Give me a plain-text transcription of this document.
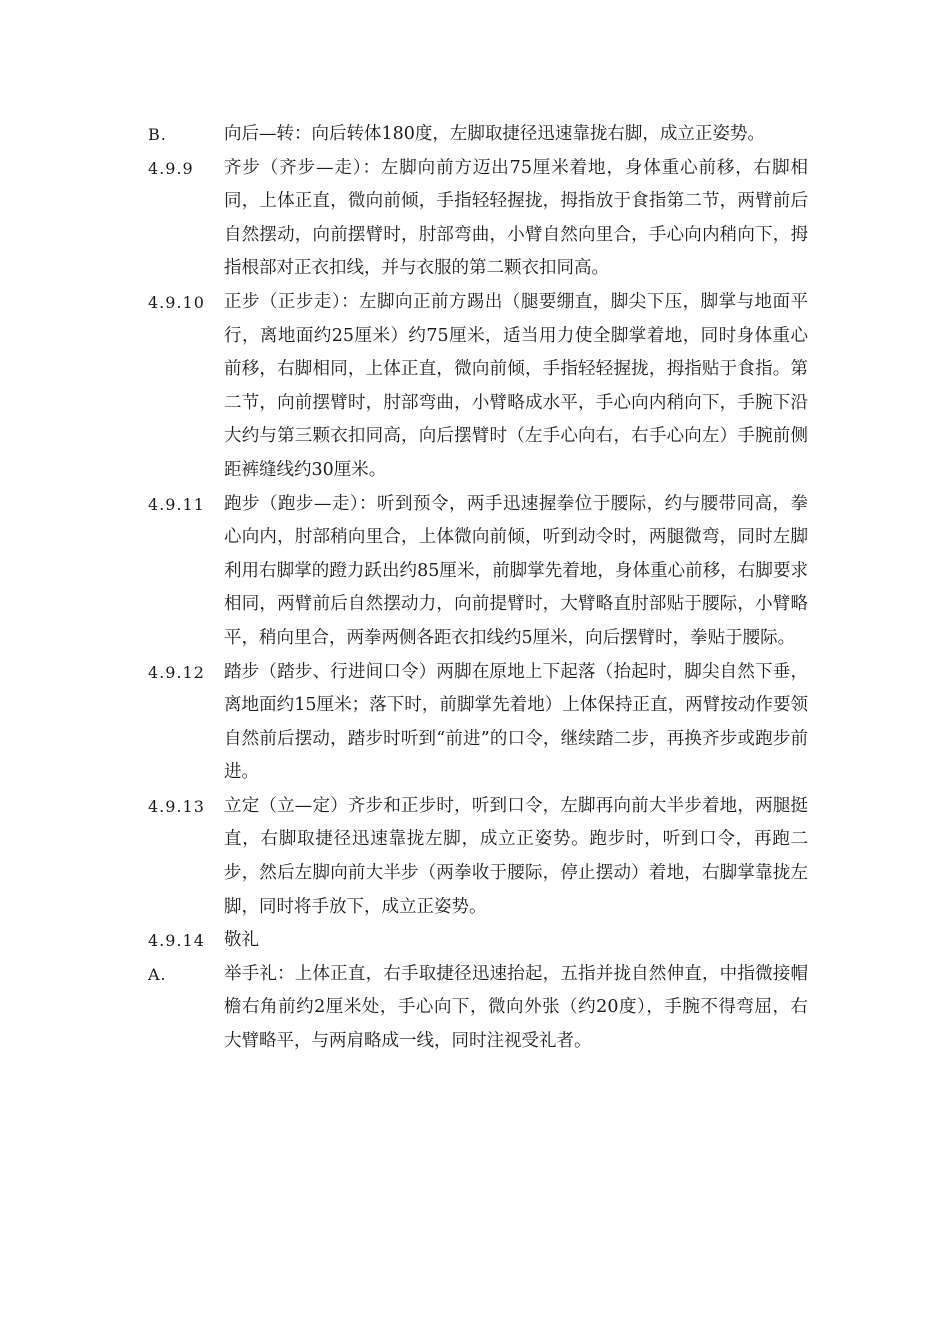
B.	向后—转：向后转体180度，左脚取捷径迅速靠拢右脚，成立正姿势。

4.9.9	齐步（齐步—走）：左脚向前方迈出75厘米着地，身体重心前移，右脚相同，上体正直，微向前倾，手指轻轻握拢，拇指放于食指第二节，两臂前后自然摆动，向前摆臂时，肘部弯曲，小臂自然向里合，手心向内稍向下，拇指根部对正衣扣线，并与衣服的第二颗衣扣同高。

4.9.10	正步（正步走）：左脚向正前方踢出（腿要绷直，脚尖下压，脚掌与地面平行，离地面约25厘米）约75厘米，适当用力使全脚掌着地，同时身体重心前移，右脚相同，上体正直，微向前倾，手指轻轻握拢，拇指贴于食指。第二节，向前摆臂时，肘部弯曲，小臂略成水平，手心向内稍向下，手腕下沿大约与第三颗衣扣同高，向后摆臂时（左手心向右，右手心向左）手腕前侧距裤缝线约30厘米。

4.9.11	跑步（跑步—走）：听到预令，两手迅速握拳位于腰际，约与腰带同高，拳心向内，肘部稍向里合，上体微向前倾，听到动令时，两腿微弯，同时左脚利用右脚掌的蹬力跃出约85厘米，前脚掌先着地，身体重心前移，右脚要求相同，两臂前后自然摆动力，向前提臂时，大臂略直肘部贴于腰际，小臂略平，稍向里合，两拳两侧各距衣扣线约5厘米，向后摆臂时，拳贴于腰际。

4.9.12	踏步（踏步、行进间口令）两脚在原地上下起落（抬起时，脚尖自然下垂，离地面约15厘米；落下时，前脚掌先着地）上体保持正直，两臂按动作要领自然前后摆动，踏步时听到“前进”的口令，继续踏二步，再换齐步或跑步前进。

4.9.13	立定（立—定）齐步和正步时，听到口令，左脚再向前大半步着地，两腿挺直，右脚取捷径迅速靠拢左脚，成立正姿势。跑步时，听到口令，再跑二步，然后左脚向前大半步（两拳收于腰际，停止摆动）着地，右脚掌靠拢左脚，同时将手放下，成立正姿势。

4.9.14	敬礼

A.	举手礼：上体正直，右手取捷径迅速抬起，五指并拢自然伸直，中指微接帽檐右角前约2厘米处，手心向下，微向外张（约20度），手腕不得弯屈，右大臂略平，与两肩略成一线，同时注视受礼者。
